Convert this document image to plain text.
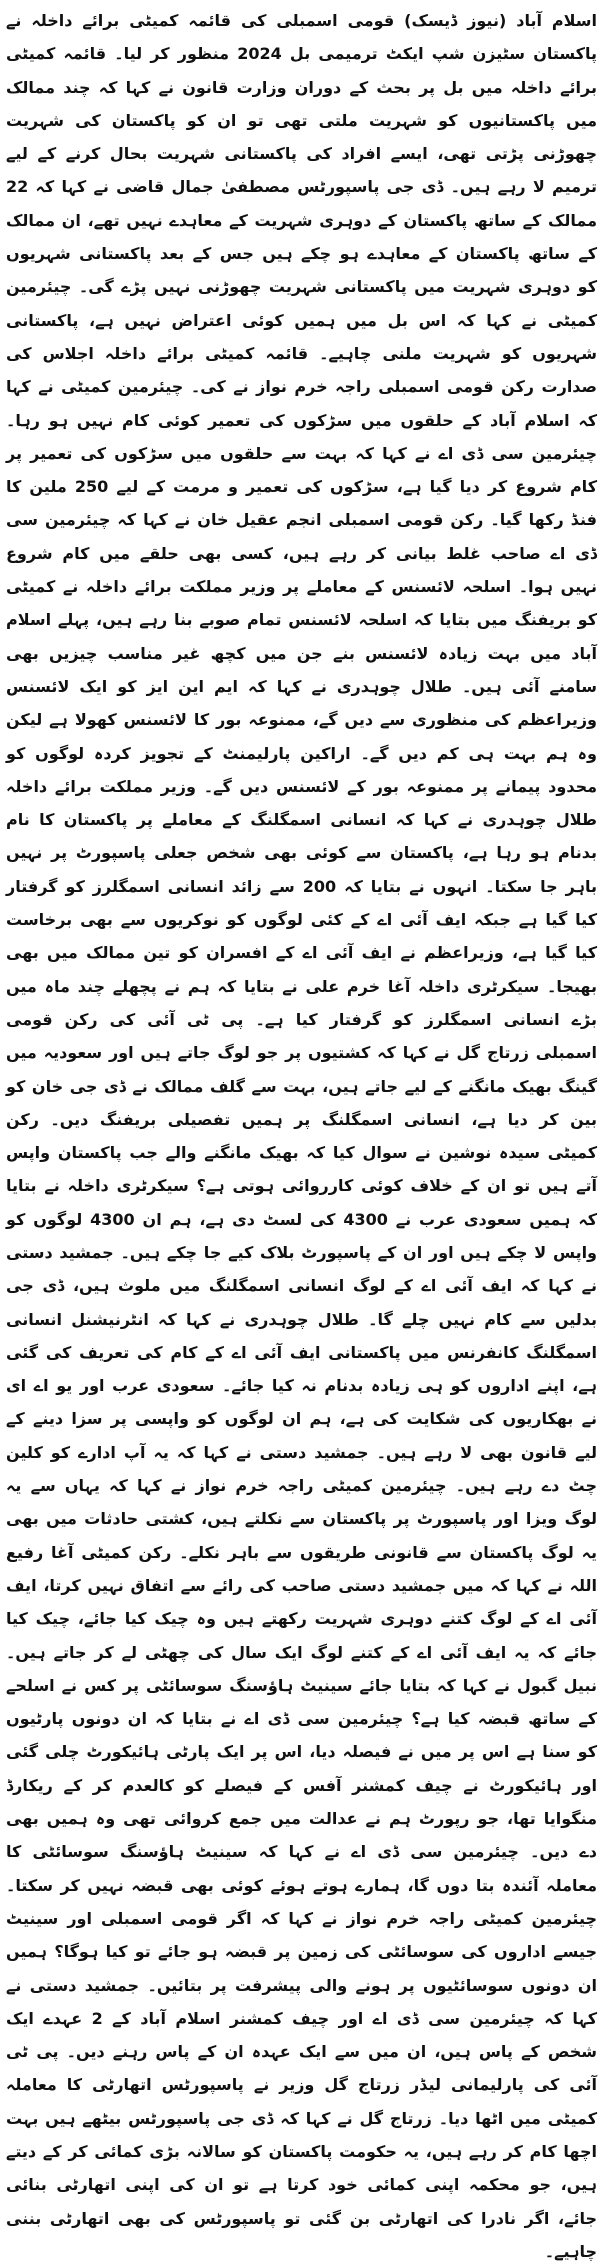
اسلام آباد (نیوز ڈیسک) قومی اسمبلی کی قائمہ کمیٹی برائے داخلہ نے پاکستان سٹیزن شپ ایکٹ ترمیمی بل 2024 منظور کر لیا۔ قائمہ کمیٹی برائے داخلہ میں بل پر بحث کے دوران وزارت قانون نے کہا کہ چند ممالک میں پاکستانیوں کو شہریت ملتی تھی تو ان کو پاکستان کی شہریت چھوڑنی پڑتی تھی، ایسے افراد کی پاکستانی شہریت بحال کرنے کے لیے ترمیم لا رہے ہیں۔ ڈی جی پاسپورٹس مصطفیٰ جمال قاضی نے کہا کہ 22 ممالک کے ساتھ پاکستان کے دوہری شہریت کے معاہدے نہیں تھے، ان ممالک کے ساتھ پاکستان کے معاہدے ہو چکے ہیں جس کے بعد پاکستانی شہریوں کو دوہری شہریت میں پاکستانی شہریت چھوڑنی نہیں پڑے گی۔ چیئرمین کمیٹی نے کہا کہ اس بل میں ہمیں کوئی اعتراض نہیں ہے، پاکستانی شہریوں کو شہریت ملنی چاہیے۔ قائمہ کمیٹی برائے داخلہ اجلاس کی صدارت رکن قومی اسمبلی راجہ خرم نواز نے کی۔ چیئرمین کمیٹی نے کہا کہ اسلام آباد کے حلقوں میں سڑکوں کی تعمیر کوئی کام نہیں ہو رہا۔ چیئرمین سی ڈی اے نے کہا کہ بہت سے حلقوں میں سڑکوں کی تعمیر پر کام شروع کر دیا گیا ہے، سڑکوں کی تعمیر و مرمت کے لیے 250 ملین کا فنڈ رکھا گیا۔ رکن قومی اسمبلی انجم عقیل خان نے کہا کہ چیئرمین سی ڈی اے صاحب غلط بیانی کر رہے ہیں، کسی بھی حلقے میں کام شروع نہیں ہوا۔ اسلحہ لائسنس کے معاملے پر وزیر مملکت برائے داخلہ نے کمیٹی کو بریفنگ میں بتایا کہ اسلحہ لائسنس تمام صوبے بنا رہے ہیں، پہلے اسلام آباد میں بہت زیادہ لائسنس بنے جن میں کچھ غیر مناسب چیزیں بھی سامنے آئی ہیں۔ طلال چوہدری نے کہا کہ ایم این ایز کو ایک لائسنس وزیراعظم کی منظوری سے دیں گے، ممنوعہ بور کا لائسنس کھولا ہے لیکن وہ ہم بہت ہی کم دیں گے۔ اراکین پارلیمنٹ کے تجویز کردہ لوگوں کو محدود پیمانے پر ممنوعہ بور کے لائسنس دیں گے۔ وزیر مملکت برائے داخلہ طلال چوہدری نے کہا کہ انسانی اسمگلنگ کے معاملے پر پاکستان کا نام بدنام ہو رہا ہے، پاکستان سے کوئی بھی شخص جعلی پاسپورٹ پر نہیں باہر جا سکتا۔ انہوں نے بتایا کہ 200 سے زائد انسانی اسمگلرز کو گرفتار کیا گیا ہے جبکہ ایف آئی اے کے کئی لوگوں کو نوکریوں سے بھی برخاست کیا گیا ہے، وزیراعظم نے ایف آئی اے کے افسران کو تین ممالک میں بھی بھیجا۔ سیکرٹری داخلہ آغا خرم علی نے بتایا کہ ہم نے پچھلے چند ماہ میں بڑے انسانی اسمگلرز کو گرفتار کیا ہے۔ پی ٹی آئی کی رکن قومی اسمبلی زرتاج گل نے کہا کہ کشتیوں پر جو لوگ جاتے ہیں اور سعودیہ میں گینگ بھیک مانگنے کے لیے جاتے ہیں، بہت سے گلف ممالک نے ڈی جی خان کو بین کر دیا ہے، انسانی اسمگلنگ پر ہمیں تفصیلی بریفنگ دیں۔ رکن کمیٹی سیدہ نوشین نے سوال کیا کہ بھیک مانگنے والے جب پاکستان واپس آتے ہیں تو ان کے خلاف کوئی کارروائی ہوتی ہے؟ سیکرٹری داخلہ نے بتایا کہ ہمیں سعودی عرب نے 4300 کی لسٹ دی ہے، ہم ان 4300 لوگوں کو واپس لا چکے ہیں اور ان کے پاسپورٹ بلاک کیے جا چکے ہیں۔ جمشید دستی نے کہا کہ ایف آئی اے کے لوگ انسانی اسمگلنگ میں ملوث ہیں، ڈی جی بدلیں سے کام نہیں چلے گا۔ طلال چوہدری نے کہا کہ انٹرنیشنل انسانی اسمگلنگ کانفرنس میں پاکستانی ایف آئی اے کے کام کی تعریف کی گئی ہے، اپنے اداروں کو ہی زیادہ بدنام نہ کیا جائے۔ سعودی عرب اور یو اے ای نے بھکاریوں کی شکایت کی ہے، ہم ان لوگوں کو واپسی پر سزا دینے کے لیے قانون بھی لا رہے ہیں۔ جمشید دستی نے کہا کہ یہ آپ ادارے کو کلین چٹ دے رہے ہیں۔ چیئرمین کمیٹی راجہ خرم نواز نے کہا کہ یہاں سے یہ لوگ ویزا اور پاسپورٹ پر پاکستان سے نکلتے ہیں، کشتی حادثات میں بھی یہ لوگ پاکستان سے قانونی طریقوں سے باہر نکلے۔ رکن کمیٹی آغا رفیع اللہ نے کہا کہ میں جمشید دستی صاحب کی رائے سے اتفاق نہیں کرتا، ایف آئی اے کے لوگ کتنے دوہری شہریت رکھتے ہیں وہ چیک کیا جائے، چیک کیا جائے کہ یہ ایف آئی اے کے کتنے لوگ ایک سال کی چھٹی لے کر جاتے ہیں۔ نبیل گبول نے کہا کہ بتایا جائے سینیٹ ہاؤسنگ سوسائٹی پر کس نے اسلحے کے ساتھ قبضہ کیا ہے؟ چیئرمین سی ڈی اے نے بتایا کہ ان دونوں پارٹیوں کو سنا ہے اس پر میں نے فیصلہ دیا، اس پر ایک پارٹی ہائیکورٹ چلی گئی اور ہائیکورٹ نے چیف کمشنر آفس کے فیصلے کو کالعدم کر کے ریکارڈ منگوایا تھا، جو رپورٹ ہم نے عدالت میں جمع کروائی تھی وہ ہمیں بھی دے دیں۔ چیئرمین سی ڈی اے نے کہا کہ سینیٹ ہاؤسنگ سوسائٹی کا معاملہ آئندہ بتا دوں گا، ہمارے ہوتے ہوئے کوئی بھی قبضہ نہیں کر سکتا۔ چیئرمین کمیٹی راجہ خرم نواز نے کہا کہ اگر قومی اسمبلی اور سینیٹ جیسے اداروں کی سوسائٹی کی زمین پر قبضہ ہو جائے تو کیا ہوگا؟ ہمیں ان دونوں سوسائٹیوں پر ہونے والی پیشرفت پر بتائیں۔ جمشید دستی نے کہا کہ چیئرمین سی ڈی اے اور چیف کمشنر اسلام آباد کے 2 عہدے ایک شخص کے پاس ہیں، ان میں سے ایک عہدہ ان کے پاس رہنے دیں۔ پی ٹی آئی کی پارلیمانی لیڈر زرتاج گل وزیر نے پاسپورٹس اتھارٹی کا معاملہ کمیٹی میں اٹھا دیا۔ زرتاج گل نے کہا کہ ڈی جی پاسپورٹس بیٹھے ہیں بہت اچھا کام کر رہے ہیں، یہ حکومت پاکستان کو سالانہ بڑی کمائی کر کے دیتے ہیں، جو محکمہ اپنی کمائی خود کرتا ہے تو ان کی اپنی اتھارٹی بنائی جائے، اگر نادرا کی اتھارٹی بن گئی تو پاسپورٹس کی بھی اتھارٹی بننی چاہیے۔
